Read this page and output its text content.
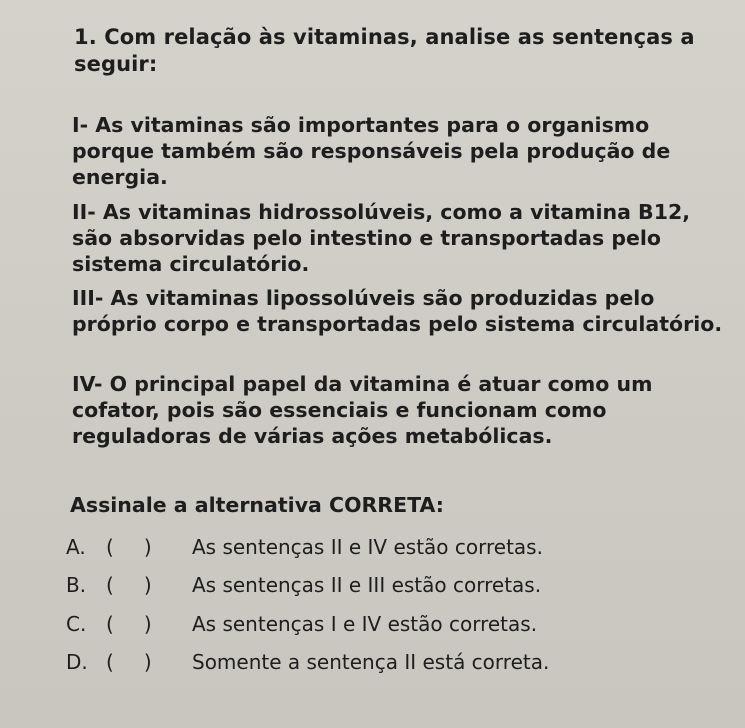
1. Com relação às vitaminas, analise as sentenças a seguir:
I- As vitaminas são importantes para o organismo porque também são responsáveis pela produção de energia.
II- As vitaminas hidrossolúveis, como a vitamina B12, são absorvidas pelo intestino e transportadas pelo sistema circulatório.
III- As vitaminas lipossolúveis são produzidas pelo próprio corpo e transportadas pelo sistema circulatório.
IV- O principal papel da vitamina é atuar como um cofator, pois são essenciais e funcionam como reguladoras de várias ações metabólicas.
Assinale a alternativa CORRETA:
A. ( ) As sentenças II e IV estão corretas.
B. ( ) As sentenças II e III estão corretas.
C. ( ) As sentenças I e IV estão corretas.
D. ( ) Somente a sentença II está correta.
